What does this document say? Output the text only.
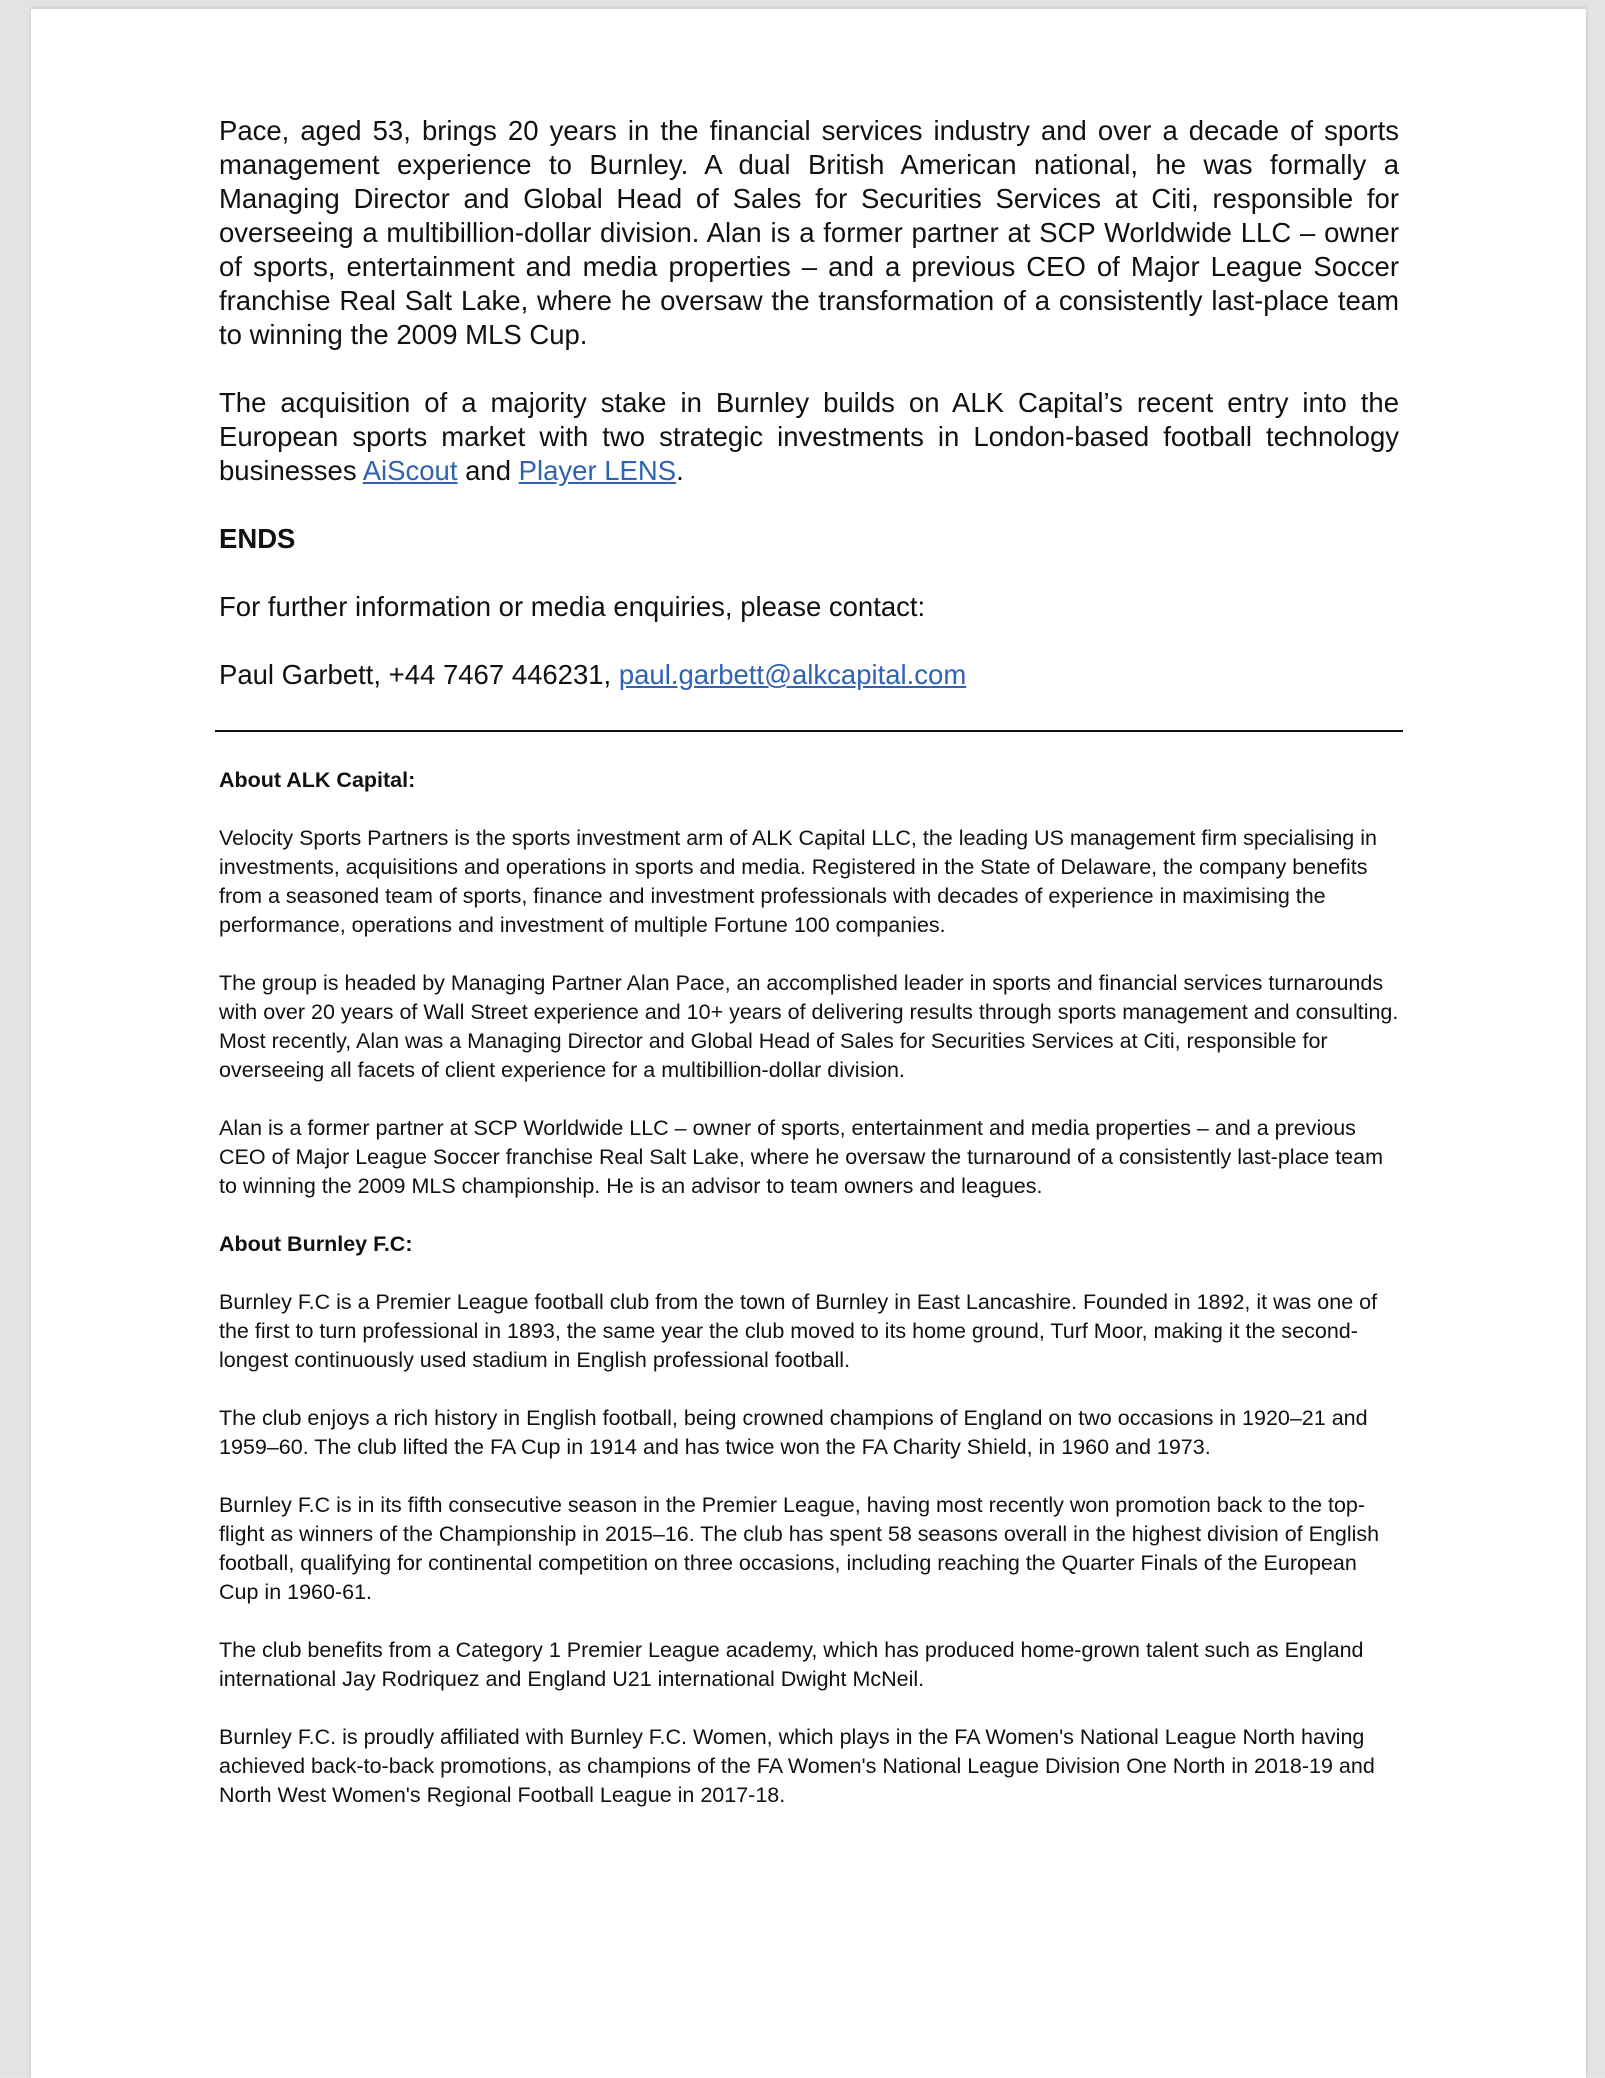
Pace, aged 53, brings 20 years in the financial services industry and over a decade of sports management experience to Burnley. A dual British American national, he was formally a Managing Director and Global Head of Sales for Securities Services at Citi, responsible for overseeing a multibillion-dollar division. Alan is a former partner at SCP Worldwide LLC – owner of sports, entertainment and media properties – and a previous CEO of Major League Soccer franchise Real Salt Lake, where he oversaw the transformation of a consistently last-place team to winning the 2009 MLS Cup.

The acquisition of a majority stake in Burnley builds on ALK Capital’s recent entry into the European sports market with two strategic investments in London-based football technology businesses AiScout and Player LENS.

ENDS

For further information or media enquiries, please contact:

Paul Garbett, +44 7467 446231, paul.garbett@alkcapital.com

About ALK Capital:

Velocity Sports Partners is the sports investment arm of ALK Capital LLC, the leading US management firm specialising in investments, acquisitions and operations in sports and media. Registered in the State of Delaware, the company benefits from a seasoned team of sports, finance and investment professionals with decades of experience in maximising the performance, operations and investment of multiple Fortune 100 companies.

The group is headed by Managing Partner Alan Pace, an accomplished leader in sports and financial services turnarounds with over 20 years of Wall Street experience and 10+ years of delivering results through sports management and consulting. Most recently, Alan was a Managing Director and Global Head of Sales for Securities Services at Citi, responsible for overseeing all facets of client experience for a multibillion-dollar division.

Alan is a former partner at SCP Worldwide LLC – owner of sports, entertainment and media properties – and a previous CEO of Major League Soccer franchise Real Salt Lake, where he oversaw the turnaround of a consistently last-place team to winning the 2009 MLS championship. He is an advisor to team owners and leagues.

About Burnley F.C:

Burnley F.C is a Premier League football club from the town of Burnley in East Lancashire. Founded in 1892, it was one of the first to turn professional in 1893, the same year the club moved to its home ground, Turf Moor, making it the second-longest continuously used stadium in English professional football.

The club enjoys a rich history in English football, being crowned champions of England on two occasions in 1920–21 and 1959–60. The club lifted the FA Cup in 1914 and has twice won the FA Charity Shield, in 1960 and 1973.

Burnley F.C is in its fifth consecutive season in the Premier League, having most recently won promotion back to the top-flight as winners of the Championship in 2015–16. The club has spent 58 seasons overall in the highest division of English football, qualifying for continental competition on three occasions, including reaching the Quarter Finals of the European Cup in 1960-61.

The club benefits from a Category 1 Premier League academy, which has produced home-grown talent such as England international Jay Rodriquez and England U21 international Dwight McNeil.

Burnley F.C. is proudly affiliated with Burnley F.C. Women, which plays in the FA Women's National League North having achieved back-to-back promotions, as champions of the FA Women's National League Division One North in 2018-19 and North West Women's Regional Football League in 2017-18.
